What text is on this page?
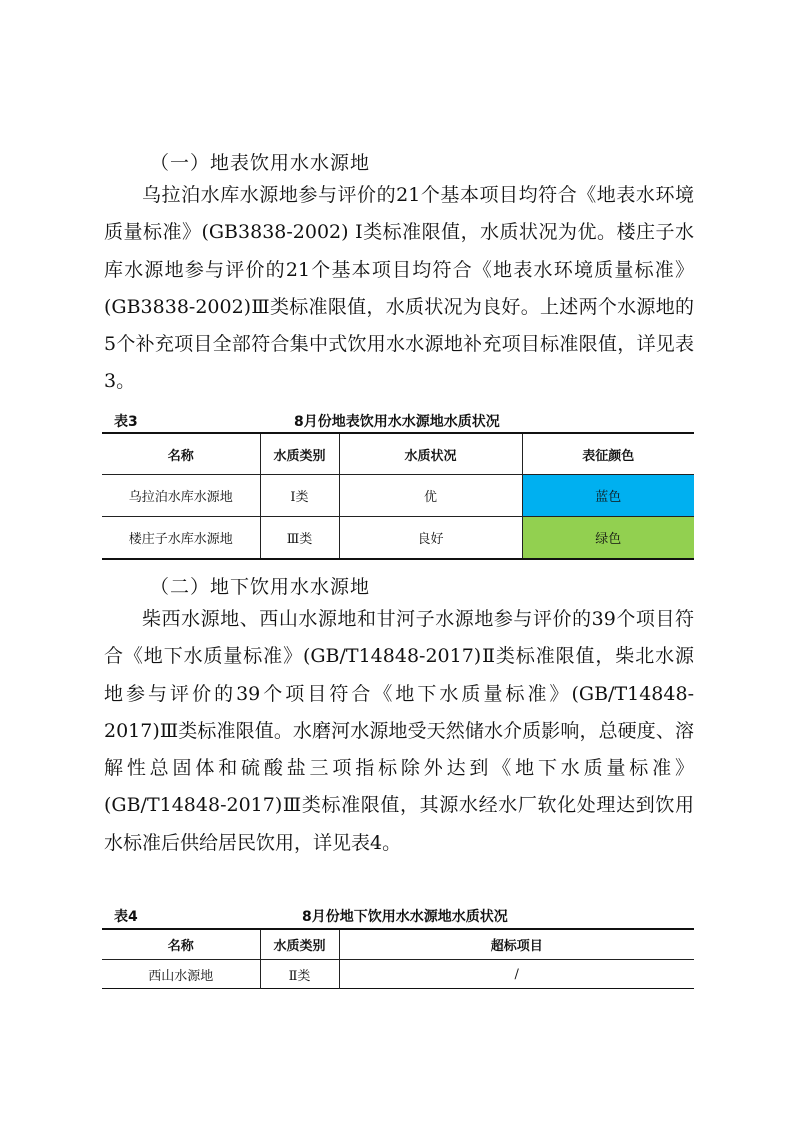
（一）地表饮用水水源地

乌拉泊水库水源地参与评价的21个基本项目均符合《地表水环境质量标准》(GB3838-2002) Ⅰ类标准限值，水质状况为优。楼庄子水库水源地参与评价的21个基本项目均符合《地表水环境质量标准》(GB3838-2002)Ⅲ类标准限值，水质状况为良好。上述两个水源地的5个补充项目全部符合集中式饮用水水源地补充项目标准限值，详见表3。

表3	8月份地表饮用水水源地水质状况
名称	水质类别	水质状况	表征颜色
乌拉泊水库水源地	Ⅰ类	优	蓝色
楼庄子水库水源地	Ⅲ类	良好	绿色
（二）地下饮用水水源地

柴西水源地、西山水源地和甘河子水源地参与评价的39个项目符合《地下水质量标准》(GB/T14848-2017)Ⅱ类标准限值，柴北水源地参与评价的39个项目符合《地下水质量标准》(GB/T14848-2017)Ⅲ类标准限值。水磨河水源地受天然储水介质影响，总硬度、溶解性总固体和硫酸盐三项指标除外达到《地下水质量标准》(GB/T14848-2017)Ⅲ类标准限值，其源水经水厂软化处理达到饮用水标准后供给居民饮用，详见表4。

表4	8月份地下饮用水水源地水质状况
名称	水质类别	超标项目
西山水源地	Ⅱ类	/
